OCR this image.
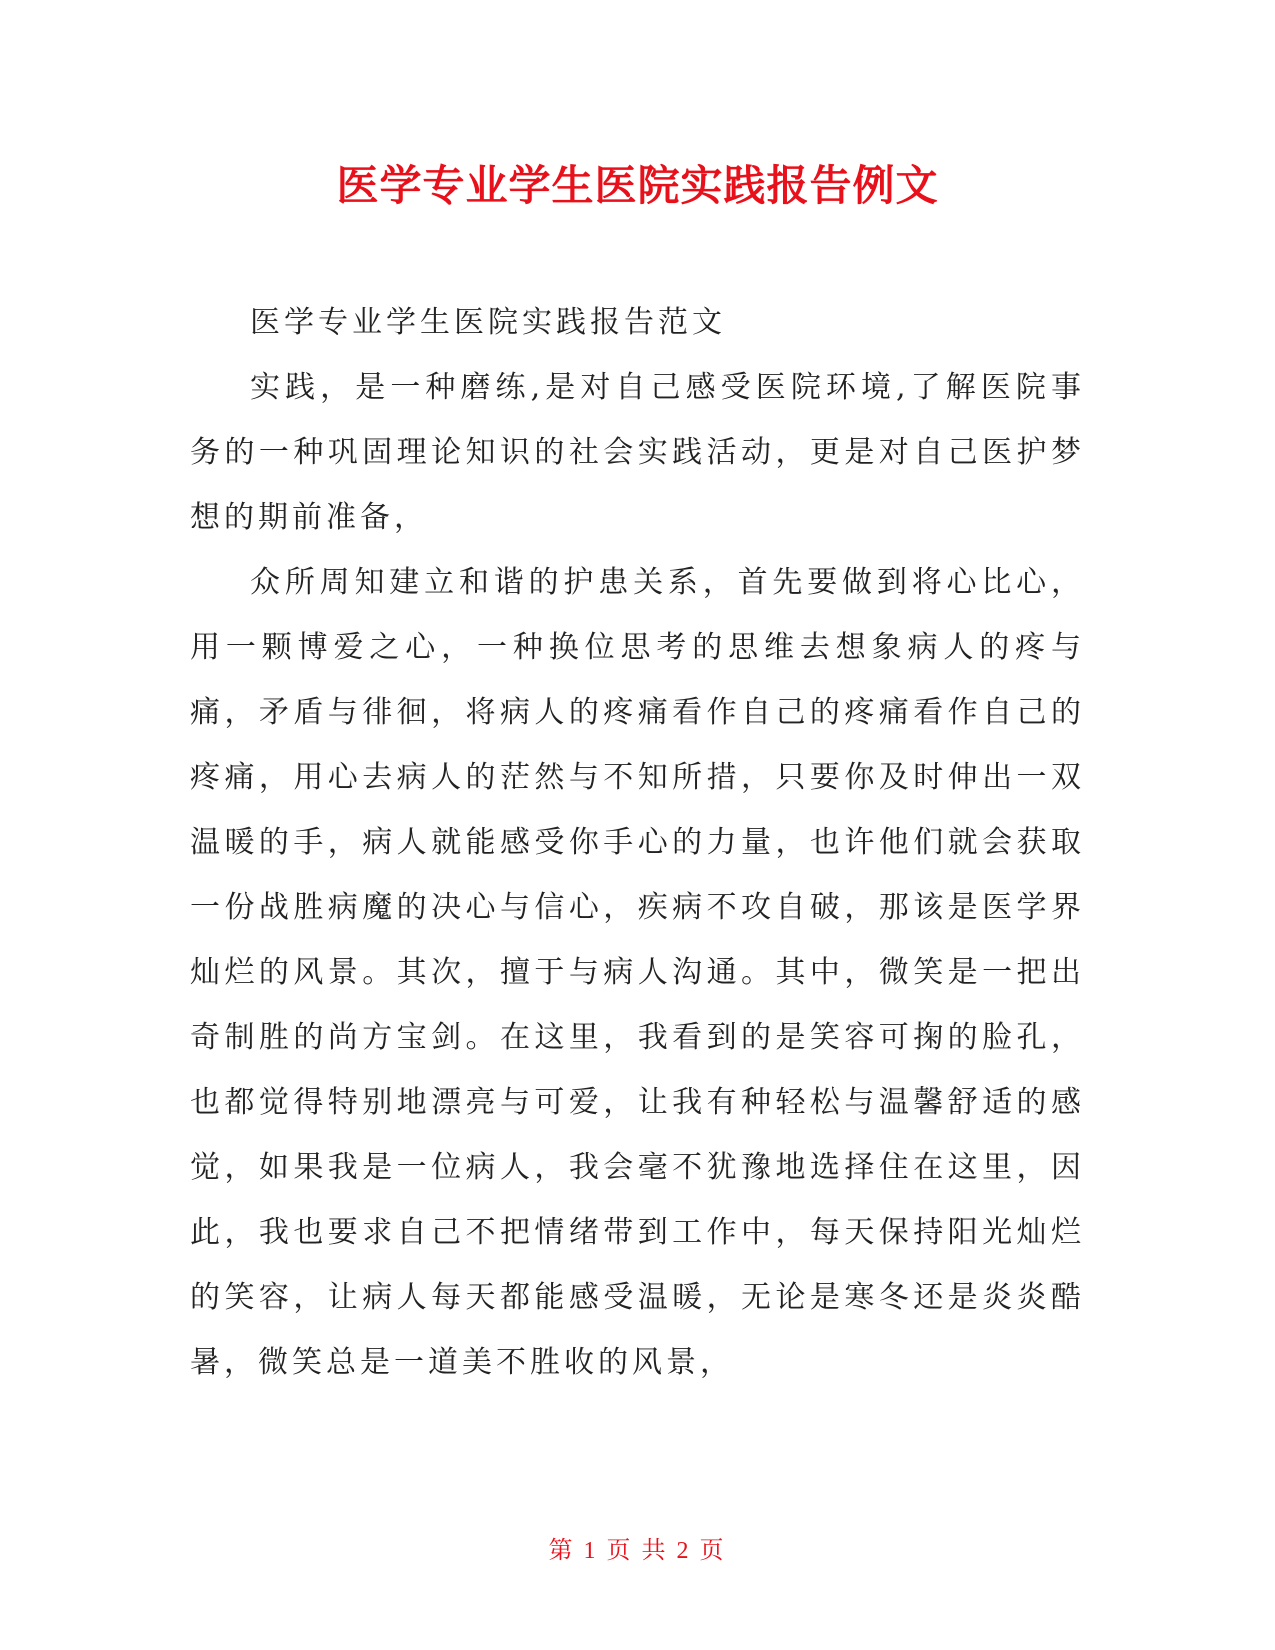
医学专业学生医院实践报告例文

医学专业学生医院实践报告范文

实践，是一种磨练,是对自己感受医院环境,了解医院事务的一种巩固理论知识的社会实践活动，更是对自己医护梦想的期前准备，

众所周知建立和谐的护患关系，首先要做到将心比心，用一颗博爱之心，一种换位思考的思维去想象病人的疼与痛，矛盾与徘徊，将病人的疼痛看作自己的疼痛看作自己的疼痛，用心去病人的茫然与不知所措，只要你及时伸出一双温暖的手，病人就能感受你手心的力量，也许他们就会获取一份战胜病魔的决心与信心，疾病不攻自破，那该是医学界灿烂的风景。其次，擅于与病人沟通。其中，微笑是一把出奇制胜的尚方宝剑。在这里，我看到的是笑容可掬的脸孔，也都觉得特别地漂亮与可爱，让我有种轻松与温馨舒适的感觉，如果我是一位病人，我会毫不犹豫地选择住在这里，因此，我也要求自己不把情绪带到工作中，每天保持阳光灿烂的笑容，让病人每天都能感受温暖，无论是寒冬还是炎炎酷暑，微笑总是一道美不胜收的风景，

第 1 页 共 2 页
